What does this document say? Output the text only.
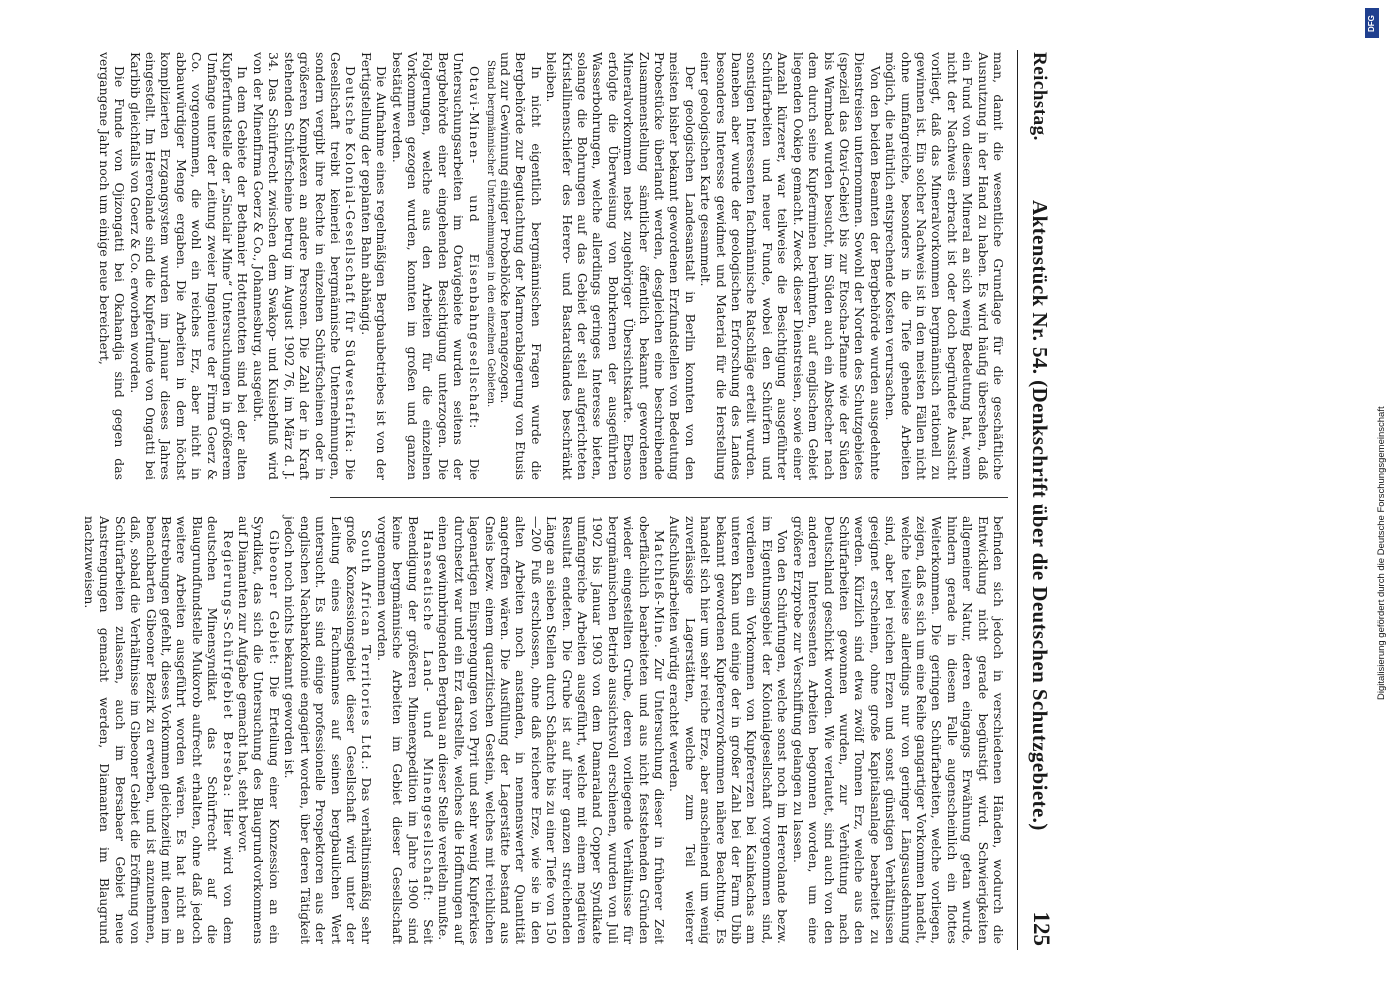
Reichstag.
Aktenstück Nr. 54. (Denkschrift über die Deutschen Schutzgebiete.)
125

man, damit die wesentliche Grundlage für die geschäftliche Ausnutzung in der Hand zu haben. Es wird häufig übersehen, daß ein Fund von diesem Mineral an sich wenig Bedeutung hat, wenn nicht der Nachweis erbracht ist oder doch begründete Aussicht vorliegt, daß das Mineralvorkommen bergmännisch rationell zu gewinnen ist. Ein solcher Nachweis ist in den meisten Fällen nicht ohne umfangreiche, besonders in die Tiefe gehende Arbeiten möglich, die natürlich entsprechende Kosten verursachen.

Von den beiden Beamten der Bergbehörde wurden ausgedehnte Dienstreisen unternommen. Sowohl der Norden des Schutzgebietes (speziell das Otavi-Gebiet) bis zur Etoscha-Pfanne wie der Süden bis Warmbad wurden besucht, im Süden auch ein Abstecher nach dem durch seine Kupferminen berühmten, auf englischem Gebiet liegenden Ookiep gemacht. Zweck dieser Dienstreisen, sowie einer Anzahl kürzerer, war teilweise die Besichtigung ausgeführter Schürfarbeiten und neuer Funde, wobei den Schürfern und sonstigen Interessenten fachmännische Ratschläge erteilt wurden. Daneben aber wurde der geologischen Erforschung des Landes besonderes Interesse gewidmet und Material für die Herstellung einer geologischen Karte gesammelt.

Der geologischen Landesanstalt in Berlin konnten von den meisten bisher bekannt gewordenen Erzfundstellen von Bedeutung Probestücke überlandt werden, desgleichen eine beschreibende Zusammenstellung sämtlicher öffentlich bekannt gewordenen Mineralvorkommen nebst zugehöriger Übersichtskarte. Ebenso erfolgte die Überweisung von Bohrkernen der ausgeführten Wasserbohrungen, welche allerdings geringes Interesse bieten, solange die Bohrungen auf das Gebiet der steil aufgerichteten Kristallinenschiefer des Herero- und Bastardslandes beschränkt bleiben.

In nicht eigentlich bergmännischen Fragen wurde die Bergbehörde zur Begutachtung der Marmorablagerung von Etusis und zur Gewinnung einiger Probeblöcke herangezogen.

Stand bergmännischer Unternehmungen in den einzelnen Gebieten.

Otavi-Minen- und Eisenbahngesellschaft: Die Untersuchungsarbeiten im Otavigebiete wurden seitens der Bergbehörde einer eingehenden Besichtigung unterzogen. Die Folgerungen, welche aus den Arbeiten für die einzelnen Vorkommen gezogen wurden, konnten im großen und ganzen bestätigt werden.

Die Aufnahme eines regelmäßigen Bergbaubetriebes ist von der Fertigstellung der geplanten Bahn abhängig.

Deutsche Kolonial-Gesellschaft für Südwestafrika: Die Gesellschaft treibt keinerlei bergmännische Unternehmungen, sondern vergibt ihre Rechte in einzelnen Schürfscheinen oder in größeren Komplexen an andere Personen. Die Zahl der in Kraft stehenden Schürfscheine betrug im August 1902 76, im März d. J. 34. Das Schürfrecht zwischen dem Swakop- und Kuisebfluß wird von der Minenfirma Goerz & Co., Johannesburg, ausgeübt.

In dem Gebiete der Bethanier Hottentotten sind bei der alten Kupferfundstelle der „Sinclair Mine“ Untersuchungen in größerem Umfange unter der Leitung zweier Ingenieure der Firma Goerz & Co. vorgenommen, die wohl ein reiches Erz, aber nicht in abbauwürdiger Menge ergaben. Die Arbeiten in dem höchst komplizierten Erzgangsystem wurden im Januar dieses Jahres eingestellt. Im Hererolande sind die Kupferfunde von Ongatti bei Karibib gleichfalls von Goerz & Co. erworben worden.

Die Funde von Ojizongatti bei Okahandja sind gegen das vergangene Jahr noch um einige neue bereichert,

befinden sich jedoch in verschiedenen Händen, wodurch die Entwicklung nicht gerade begünstigt wird. Schwierigkeiten allgemeiner Natur, deren eingangs Erwähnung getan wurde, hindern gerade in diesem Falle augenscheinlich ein flottes Weiterkommen. Die geringen Schürfarbeiten, welche vorliegen, zeigen, daß es sich um eine Reihe gangartiger Vorkommen handelt, welche teilweise allerdings nur von geringer Längsausdehnung sind, aber bei reichen Erzen und sonst günstigen Verhältnissen geeignet erscheinen, ohne große Kapitalsanlage bearbeitet zu werden. Kürzlich sind etwa zwölf Tonnen Erz, welche aus den Schürfarbeiten gewonnen wurden, zur Verhüttung nach Deutschland geschickt worden. Wie verlautet, sind auch von den anderen Interessenten Arbeiten begonnen worden, um eine größere Erzprobe zur Verschiffung gelangen zu lassen.

Von den Schürfungen, welche sonst noch im Hererolande bezw. im Eigentumsgebiet der Kolonialgesellschaft vorgenommen sind, verdienen ein Vorkommen von Kupfererzen bei Kainkachas am unteren Khan und einige der in großer Zahl bei der Farm Ubib bekannt gewordenen Kupfererzvorkommen nähere Beachtung. Es handelt sich hier um sehr reiche Erze, aber anscheinend um wenig zuverlässige Lagerstätten, welche zum Teil weiterer Aufschlußarbeiten würdig erachtet werden.

Matchleß-Mine. Zur Untersuchung dieser in früherer Zeit oberflächlich bearbeiteten und aus nicht feststehenden Gründen wieder eingestellten Grube, deren vorliegende Verhältnisse für bergmännischen Betrieb aussichtsvoll erschienen, wurden von Juli 1902 bis Januar 1903 von dem Damaraland Copper Syndikate umfangreiche Arbeiten ausgeführt, welche mit einem negativen Resultat endeten. Die Grube ist auf ihrer ganzen streichenden Länge an sieben Stellen durch Schächte bis zu einer Tiefe von 150—200 Fuß erschlossen, ohne daß reichere Erze, wie sie in den alten Arbeiten noch anstanden, in nennenswerter Quantität angetroffen wären. Die Ausfüllung der Lagerstätte bestand aus Gneis bezw. einem quarzitischen Gestein, welches mit reichlichen lagenartigen Einsprengungen von Pyrit und sehr wenig Kupferkies durchsetzt war und ein Erz darstellte, welches die Hoffnungen auf einen gewinnbringenden Bergbau an dieser Stelle vereiteln mußte.

Hanseatische Land- und Minengesellschaft: Seit Beendigung der größeren Minenexpedition im Jahre 1900 sind keine bergmännische Arbeiten im Gebiet dieser Gesellschaft vorgenommen worden.

South African Territories Ltd.: Das verhältnismäßig sehr große Konzessionsgebiet dieser Gesellschaft wird unter der Leitung eines Fachmannes auf seinen bergbaulichen Wert untersucht. Es sind einige professionelle Prospektoren aus der englischen Nachbarkolonie engagiert worden, über deren Tätigkeit jedoch noch nichts bekannt geworden ist.

Gibeoner Gebiet: Die Erteilung einer Konzession an ein Syndikat, das sich die Untersuchung des Blaugrundvorkommens auf Diamanten zur Aufgabe gemacht hat, steht bevor.

Regierungs-Schürfgebiet Berseba: Hier wird von dem deutschen Minensyndikat das Schürfrecht auf die Blaugrundfundstelle Mukorob aufrecht erhalten, ohne daß jedoch weitere Arbeiten ausgeführt worden wären. Es hat nicht an Bestrebungen gefehlt, dieses Vorkommen gleichzeitig mit denen im benachbarten Gibeoner Bezirk zu erwerben, und ist anzunehmen, daß, sobald die Verhältnisse im Gibeoner Gebiet die Eröffnung von Schürfarbeiten zulassen, auch im Bersabaer Gebiet neue Anstrengungen gemacht werden, Diamanten im Blaugrund nachzuweisen.

DFG
Digitalisierung gefördert durch die Deutsche Forschungsgemeinschaft
